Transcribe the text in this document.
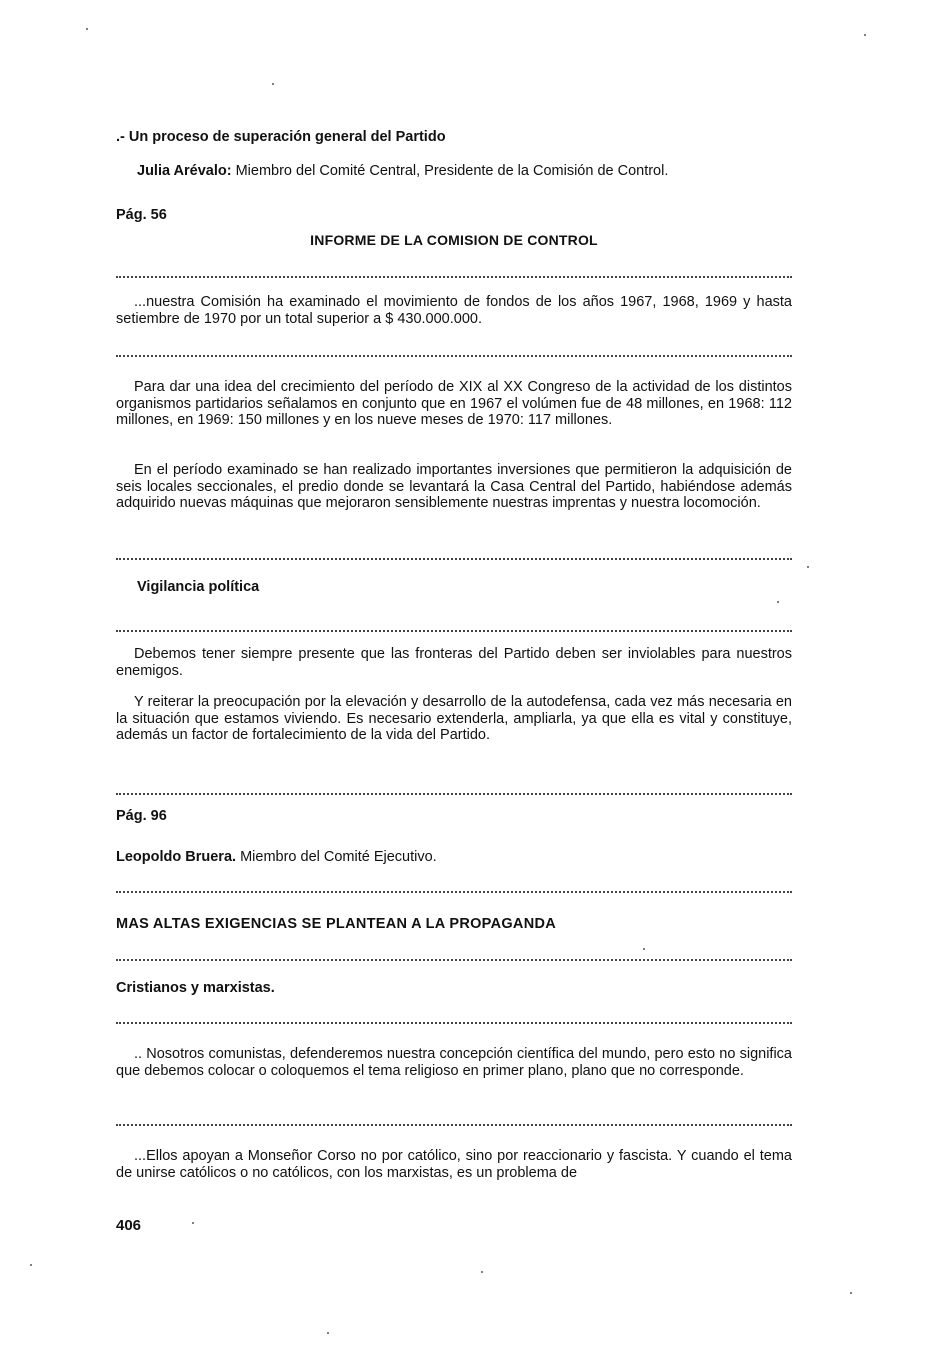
.- Un proceso de superación general del Partido
Julia Arévalo: Miembro del Comité Central, Presidente de la Comisión de Control.
Pág. 56
INFORME DE LA COMISION DE CONTROL
...nuestra Comisión ha examinado el movimiento de fondos de los años 1967, 1968, 1969 y hasta setiembre de 1970 por un total superior a $ 430.000.000.
Para dar una idea del crecimiento del período de XIX al XX Congreso de la actividad de los distintos organismos partidarios señalamos en conjunto que en 1967 el volúmen fue de 48 millones, en 1968: 112 millones, en 1969: 150 millones y en los nueve meses de 1970: 117 millones.
En el período examinado se han realizado importantes inversiones que permitieron la adquisición de seis locales seccionales, el predio donde se levantará la Casa Central del Partido, habiéndose además adquirido nuevas máquinas que mejoraron sensiblemente nuestras imprentas y nuestra locomoción.
Vigilancia política
Debemos tener siempre presente que las fronteras del Partido deben ser inviolables para nuestros enemigos.
Y reiterar la preocupación por la elevación y desarrollo de la autodefensa, cada vez más necesaria en la situación que estamos viviendo. Es necesario extenderla, ampliarla, ya que ella es vital y constituye, además un factor de fortalecimiento de la vida del Partido.
Pág. 96
Leopoldo Bruera. Miembro del Comité Ejecutivo.
MAS ALTAS EXIGENCIAS SE PLANTEAN A LA PROPAGANDA
Cristianos y marxistas.
.. Nosotros comunistas, defenderemos nuestra concepción científica del mundo, pero esto no significa que debemos colocar o coloquemos el tema religioso en primer plano, plano que no corresponde.
...Ellos apoyan a Monseñor Corso no por católico, sino por reaccionario y fascista. Y cuando el tema de unirse católicos o no católicos, con los marxistas, es un problema de
406
